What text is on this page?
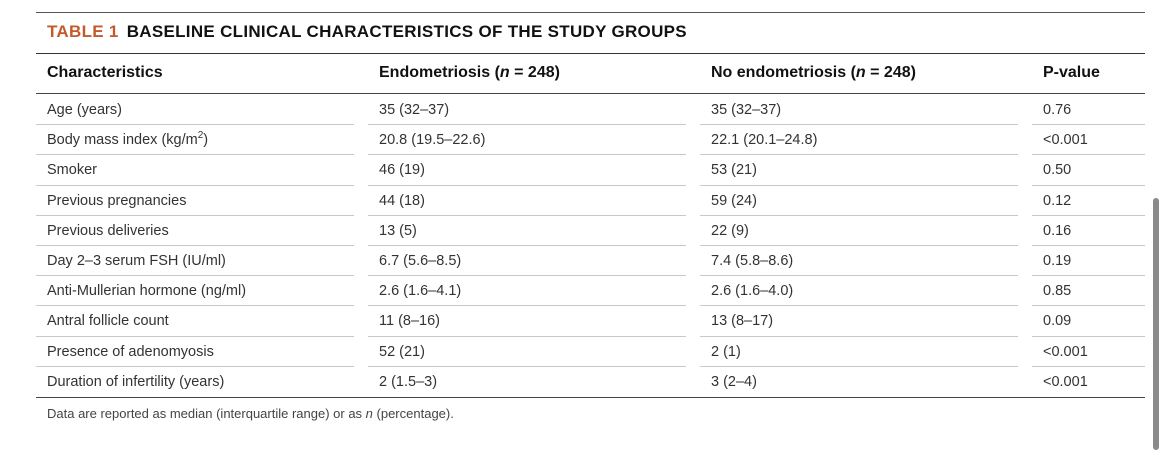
TABLE 1 BASELINE CLINICAL CHARACTERISTICS OF THE STUDY GROUPS
Characteristics	Endometriosis (n = 248)	No endometriosis (n = 248)	P-value
Age (years)	35 (32–37)	35 (32–37)	0.76
Body mass index $(kg/m^2)$	20.8 (19.5–22.6)	22.1 (20.1–24.8)	<0.001
Smoker	46 (19)	53 (21)	0.50
Previous pregnancies	44 (18)	59 (24)	0.12
Previous deliveries	13 (5)	22 (9)	0.16
Day 2–3 serum FSH (IU/ml)	6.7 (5.6–8.5)	7.4 (5.8–8.6)	0.19
Anti-Mullerian hormone (ng/ml)	2.6 (1.6–4.1)	2.6 (1.6–4.0)	0.85
Antral follicle count	11 (8–16)	13 (8–17)	0.09
Presence of adenomyosis	52 (21)	2 (1)	<0.001
Duration of infertility (years)	2 (1.5–3)	3 (2–4)	<0.001
Data are reported as median (interquartile range) or as n (percentage).
